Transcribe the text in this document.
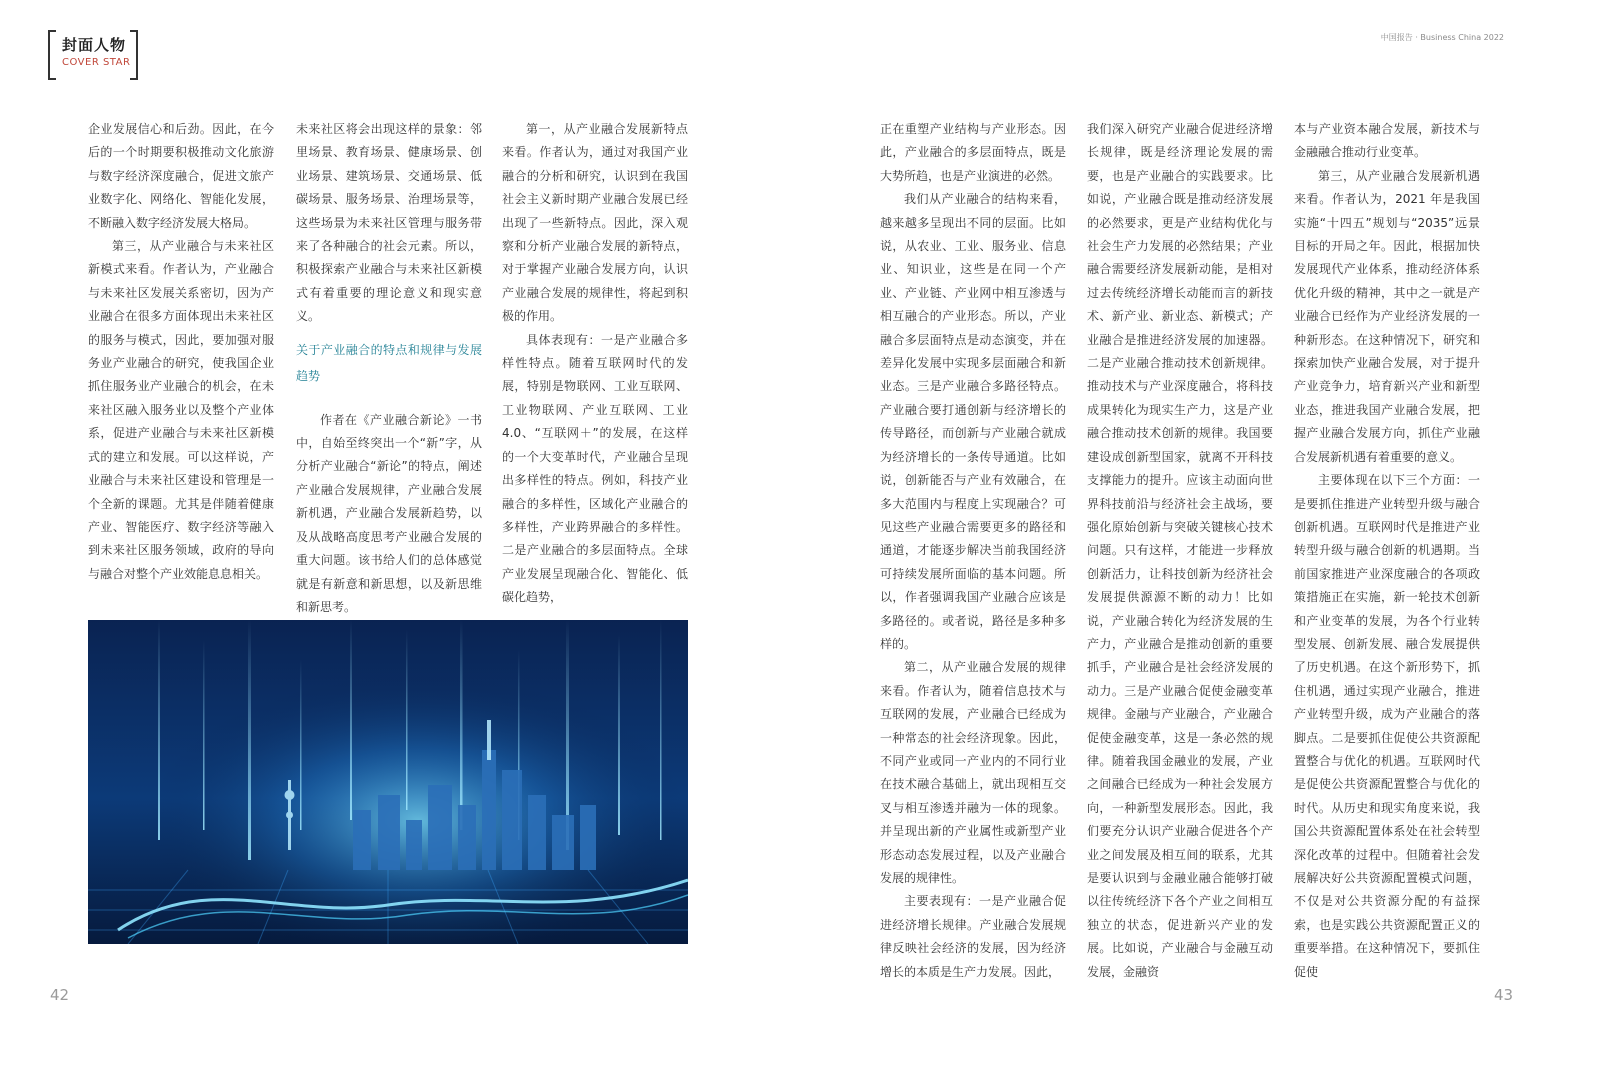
封面人物
COVER STAR

企业发展信心和后劲。因此，在今后的一个时期要积极推动文化旅游与数字经济深度融合，促进文旅产业数字化、网络化、智能化发展，不断融入数字经济发展大格局。

第三，从产业融合与未来社区新模式来看。作者认为，产业融合与未来社区发展关系密切，因为产业融合在很多方面体现出未来社区的服务与模式，因此，要加强对服务业产业融合的研究，使我国企业抓住服务业产业融合的机会，在未来社区融入服务业以及整个产业体系，促进产业融合与未来社区新模式的建立和发展。可以这样说，产业融合与未来社区建设和管理是一个全新的课题。尤其是伴随着健康产业、智能医疗、数字经济等融入到未来社区服务领域，政府的导向与融合对整个产业效能息息相关。

未来社区将会出现这样的景象：邻里场景、教育场景、健康场景、创业场景、建筑场景、交通场景、低碳场景、服务场景、治理场景等，这些场景为未来社区管理与服务带来了各种融合的社会元素。所以，积极探索产业融合与未来社区新模式有着重要的理论意义和现实意义。

关于产业融合的特点和规律与发展趋势

作者在《产业融合新论》一书中，自始至终突出一个“新”字，从分析产业融合“新论”的特点，阐述产业融合发展规律，产业融合发展新机遇，产业融合发展新趋势，以及从战略高度思考产业融合发展的重大问题。该书给人们的总体感觉就是有新意和新思想，以及新思维和新思考。

第一，从产业融合发展新特点来看。作者认为，通过对我国产业融合的分析和研究，认识到在我国社会主义新时期产业融合发展已经出现了一些新特点。因此，深入观察和分析产业融合发展的新特点，对于掌握产业融合发展方向，认识产业融合发展的规律性，将起到积极的作用。

具体表现有：一是产业融合多样性特点。随着互联网时代的发展，特别是物联网、工业互联网、工业物联网、产业互联网、工业 4.0、“互联网＋”的发展，在这样的一个大变革时代，产业融合呈现出多样性的特点。例如，科技产业融合的多样性，区域化产业融合的多样性，产业跨界融合的多样性。二是产业融合的多层面特点。全球产业发展呈现融合化、智能化、低碳化趋势，

42
中国报告 · Business China 2022

正在重塑产业结构与产业形态。因此，产业融合的多层面特点，既是大势所趋，也是产业演进的必然。

我们从产业融合的结构来看，越来越多呈现出不同的层面。比如说，从农业、工业、服务业、信息业、知识业，这些是在同一个产业、产业链、产业网中相互渗透与相互融合的产业形态。所以，产业融合多层面特点是动态演变，并在差异化发展中实现多层面融合和新业态。三是产业融合多路径特点。产业融合要打通创新与经济增长的传导路径，而创新与产业融合就成为经济增长的一条传导通道。比如说，创新能否与产业有效融合，在多大范围内与程度上实现融合？可见这些产业融合需要更多的路径和通道，才能逐步解决当前我国经济可持续发展所面临的基本问题。所以，作者强调我国产业融合应该是多路径的。或者说，路径是多种多样的。

第二，从产业融合发展的规律来看。作者认为，随着信息技术与互联网的发展，产业融合已经成为一种常态的社会经济现象。因此，不同产业或同一产业内的不同行业在技术融合基础上，就出现相互交叉与相互渗透并融为一体的现象。并呈现出新的产业属性或新型产业形态动态发展过程，以及产业融合发展的规律性。

主要表现有：一是产业融合促进经济增长规律。产业融合发展规律反映社会经济的发展，因为经济增长的本质是生产力发展。因此，

我们深入研究产业融合促进经济增长规律，既是经济理论发展的需要，也是产业融合的实践要求。比如说，产业融合既是推动经济发展的必然要求，更是产业结构优化与社会生产力发展的必然结果；产业融合需要经济发展新动能，是相对过去传统经济增长动能而言的新技术、新产业、新业态、新模式；产业融合是推进经济发展的加速器。二是产业融合推动技术创新规律。推动技术与产业深度融合，将科技成果转化为现实生产力，这是产业融合推动技术创新的规律。我国要建设成创新型国家，就离不开科技支撑能力的提升。应该主动面向世界科技前沿与经济社会主战场，要强化原始创新与突破关键核心技术问题。只有这样，才能进一步释放创新活力，让科技创新为经济社会发展提供源源不断的动力！比如说，产业融合转化为经济发展的生产力，产业融合是推动创新的重要抓手，产业融合是社会经济发展的动力。三是产业融合促使金融变革规律。金融与产业融合，产业融合促使金融变革，这是一条必然的规律。随着我国金融业的发展，产业之间融合已经成为一种社会发展方向，一种新型发展形态。因此，我们要充分认识产业融合促进各个产业之间发展及相互间的联系，尤其是要认识到与金融业融合能够打破以往传统经济下各个产业之间相互独立的状态，促进新兴产业的发展。比如说，产业融合与金融互动发展，金融资

本与产业资本融合发展，新技术与金融融合推动行业变革。

第三，从产业融合发展新机遇来看。作者认为，2021 年是我国实施“十四五”规划与“2035”远景目标的开局之年。因此，根据加快发展现代产业体系，推动经济体系优化升级的精神，其中之一就是产业融合已经作为产业经济发展的一种新形态。在这种情况下，研究和探索加快产业融合发展，对于提升产业竞争力，培育新兴产业和新型业态，推进我国产业融合发展，把握产业融合发展方向，抓住产业融合发展新机遇有着重要的意义。

主要体现在以下三个方面：一是要抓住推进产业转型升级与融合创新机遇。互联网时代是推进产业转型升级与融合创新的机遇期。当前国家推进产业深度融合的各项政策措施正在实施，新一轮技术创新和产业变革的发展，为各个行业转型发展、创新发展、融合发展提供了历史机遇。在这个新形势下，抓住机遇，通过实现产业融合，推进产业转型升级，成为产业融合的落脚点。二是要抓住促使公共资源配置整合与优化的机遇。互联网时代是促使公共资源配置整合与优化的时代。从历史和现实角度来说，我国公共资源配置体系处在社会转型深化改革的过程中。但随着社会发展解决好公共资源配置模式问题，不仅是对公共资源分配的有益探索，也是实践公共资源配置正义的重要举措。在这种情况下，要抓住促使

43
